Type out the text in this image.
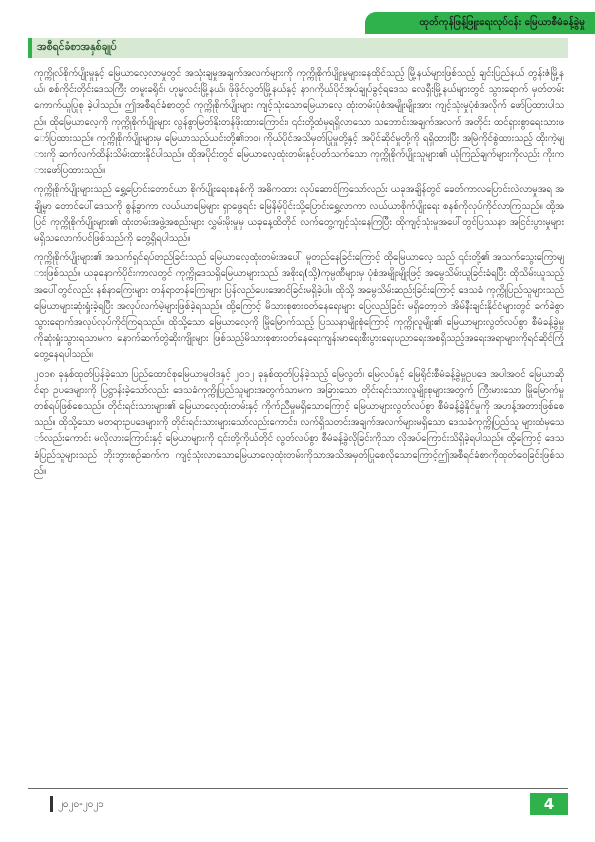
ထုတ်ကုန်ဖြန့်ဖြူးရေးလုပ်ငန်း မြေယာစီမံခန့်ခွဲမှု
အစီရင်ခံစာအနှစ်ချုပ်

ကုက္ကိုလ်စိုက်ပျိုးမှုနှင့် မြေယာလေ့လာမှုတွင် အသုံးချမှုအချက်အလက်များကို ကုက္ကိုစိုက်ပျိုးမှုများနေထိုင်သည့် မြို့နယ်များဖြစ်သည့် ချင်းပြည်နယ် တွန်းဇံမြို့နယ်၊ စစ်ကိုင်းတိုင်းဒေသကြီး တမူးခရိုင်၊ ဟုမ္မလင်းမြို့နယ်၊ ဖိုဖိုင်လွတ်မြို့နယ်နှင့် နာဂကိုယ်ပိုင်အုပ်ချုပ်ခွင့်ရဒေသ လေရှီးမြို့နယ်များတွင် သွားရောက် မှတ်တမ်းကောက်ယူပြုစု ခဲ့ပါသည်။ ဤအစီရင်ခံစာတွင် ကုက္ကိုစိုက်ပျိုးများ ကျင့်သုံးသောမြေယာလေ့ ထုံးတမ်းပုံစံအမျိုးမျိုးအား ကျင့်သုံးမှုပုံစံအလိုက် ဖော်ပြထားပါသည်။ ထိုမြေယာလေ့ကို ကုက္ကိုစိုက်ပျိုးများ လွန်စွာမြတ်နိုးတန်ဖိုးထားကြောင်း၊ ၎င်းတို့ထံမှရရှိလာသော သဘောင်းအချက်အလက် အတိုင်း ထင်ရှားစွာရေးသားဖော်ပြထားသည်။ ကုက္ကိုစိုက်ပျိုးများမှ မြေယာသည်ယင်းတို့၏ဘဝ၊ ကိုယ်ပိုင်အသိမှတ်ပြုမှုတို့နှင့် အပိုင်ဆိုင်မှုတို့ကို ရရှိထားပြီး အမြဲကိုင်စွဲထားသည့် ထိုးကဲ့များကို ဆက်လက်ထိန်းသိမ်းထားနိုင်ပါသည်။ ထိုအပိုင်းတွင် မြေယာလေ့ထုံးတမ်းနှင့်ပတ်သက်သော ကုက္ကိုစိုက်ပျိုးသူများ၏ ယုံကြည်ချက်များကိုလည်း ကိုးကားဖော်ပြထားသည်။

ကုက္ကိုစိုက်ပျိုးများသည် ရွှေ့ပြောင်းတောင်ယာ စိုက်ပျိုးရေးစနစ်ကို အဓိကထား လုပ်ဆောင်ကြသော်လည်း ယခုအချိန်တွင် ခေတ်ကာလပြောင်းလဲလာမှုအရ အချို့မှာ တောင်ပေါ်ဒေသကို စွန့်ခွာကာ လယ်ယာမြေများ ရှာဖွေရင်း မြေနိမ့်ပိုင်းသို့ပြောင်းရွှေ့လာကာ လယ်ယာစိုက်ပျိုးရေး စနစ်ကိုလုပ်ကိုင်လာကြသည်။ ထို့အပြင် ကုက္ကိုစိုက်ပျိုးများ၏ ထုံးတမ်းအဖွဲ့အစည်းများ လွှမ်းမိုးမှုမှ ယခုနေ့ထိတိုင် လက်တွေ့ကျင့်သုံးနေကြပြီး ထိုကျင့်သုံးမှုအပေါ်တွင်ပြဿနာ အငြင်းပွားမှုများ မရှိသလောက်ပင်ဖြစ်သည်ကို တွေ့ရှိရပါသည်။

ကုက္ကိုစိုက်ပျိုးများ၏ အသက်ရှင်ရပ်တည်ခြင်းသည် မြေယာလေ့ထုံးတမ်းအပေါ် မူတည်နေခြင်းကြောင့် ထိုမြေယာလေ့ သည် ၎င်းတို့၏ အသက်သွေးကြောများဖြစ်သည်။ ယခုနောက်ပိုင်းကာလတွင် ကုက္ကိုဒေသရှိမြေယာများသည် အစိုးရ(သို့)ကုမ္ပဏီများမှ ပုံစံအမျိုးမျိုးဖြင့် အမွေသိမ်းယူခြင်းခံရပြီး ထိုသိမ်းယူသည့်အပေါ်တွင်လည်း နစ်နာကြေးများ တန်ရာတန်ကြေးများ ပြန်လည်ပေးအောင်ခြင်းမရှိခဲ့ပါ။ ထိုသို့ အမွေသိမ်းဆည်းခြင်းကြောင့် ဒေသခံ ကုက္ကိုပြည်သူများသည် မြေယာများဆုံးရှုံးခဲ့ရပြီး အလုပ်လက်မဲ့များဖြစ်ခဲ့ရသည်။ ထို့ကြောင့် မိသားစုစားဝတ်နေရေးများ ပြေလည်ခြင်း မရှိတော့ဘဲ အိမ်နီးချင်းနိုင်ငံများတွင် ခက်ခဲစွာသွားရောက်အလုပ်လုပ်ကိုင်ကြရသည်။ ထိုသို့သော မြေယာလေ့ကို မြိုမြောက်သည့် ပြဿနာမျိုးစုံကြောင့် ကုက္ကိုလူမျိုး၏ မြေယာများလွတ်လပ်စွာ စီမံခန့်ခွဲမှုကိုဆုံးရှုံးသွားရသာမက နောက်ဆက်တွဲဆိုးကျိုးများ ဖြစ်သည့်မိသားစုစားဝတ်နေရေးကျန်းမာရေးစီးပွားရေးပညာရေးအစရှိသည့်အရေးအရာများကိုရင်ဆိုင်ကြုံတွေ့နေရပါသည်။

၂၀၁၈ ခုနှစ်ထုတ်ပြန်ခဲ့သော ပြည်ထောင်စုမြေယာမူဝါဒနှင့် ၂၀၁၂ ခုနှစ်ထုတ်ပြန်ခဲ့သည့် မြေလွတ်၊ မြေလပ်နှင့် မြေရိုင်းစီမံခန့်ခွဲမှုဥပဒေ အပါအဝင် မြေယာဆိုင်ရာ ဥပဒေများကို ပြဋ္ဌာန်းခဲ့သော်လည်း ဒေသခံကုက္ကိုပြည်သူများအတွက်သာမက အခြားသော တိုင်းရင်းသားလူမျိုးစုများအတွက် ကြီးမားသော မြိုမြောက်မှု တစ်ရပ်ဖြစ်စေသည်။ တိုင်းရင်းသားများ၏ မြေယာလေ့ထုံးတမ်းနှင့် ကိုက်ညီမှုမရှိသောကြောင့် မြေယာများလွတ်လပ်စွာ စီမံခန့်ခွဲနိုင်မှုကို အဟန့်အတားဖြစ်စေသည်။ ထိုသို့သော မတရားဥပဒေများကို တိုင်းရင်းသားများသော်လည်းကောင်း၊ လက်ရှိသတင်းအချက်အလက်များမရှိသော ဒေသခံကုက္ကိုပြည်သူ များထံမှသော်လည်းကောင်း မလိုလားကြောင်းနှင့် မြေယာများကို ၎င်းတို့ကိုယ်တိုင် လွတ်လပ်စွာ စီမံခန့်ခွဲလိုခြင်းကိုသာ လိုအပ်ကြောင်းသိရှိခဲ့ရပါသည်။ ထို့ကြောင့် ဒေသခံပြည်သူများသည် ဘိုးဘွားစဉ်ဆက်က ကျင့်သုံးလာသောမြေယာလေ့ထုံးတမ်းကိုသာအသိအမှတ်ပြုစေလိုသောကြောင့်ဤအစီရင်ခံစာကိုထုတ်ဝေခြင်းဖြစ်သည်။

၂၀၂၀-၂၀၂၁	4
